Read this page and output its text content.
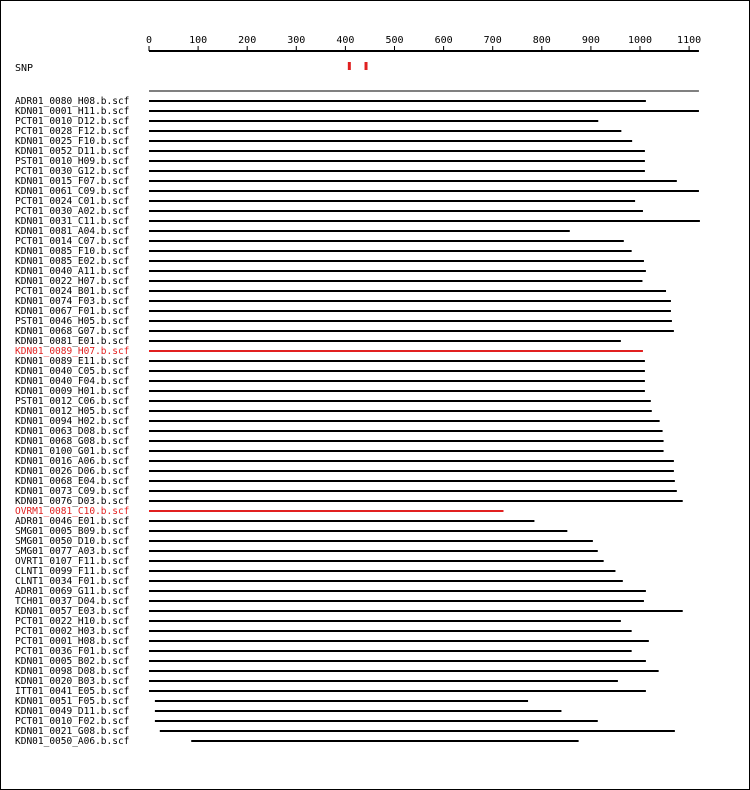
0	100	200	300	400	500	600	700	800	900	1000	1100
SNP
ADR01_0080_H08.b.scf
KDN01_0001_H11.b.scf
PCT01_0010_D12.b.scf
PCT01_0028_F12.b.scf
KDN01_0025_F10.b.scf
KDN01_0052_D11.b.scf
PST01_0010_H09.b.scf
PCT01_0030_G12.b.scf
KDN01_0015_F07.b.scf
KDN01_0061_C09.b.scf
PCT01_0024_C01.b.scf
PCT01_0030_A02.b.scf
KDN01_0031_C11.b.scf
KDN01_0081_A04.b.scf
PCT01_0014_C07.b.scf
KDN01_0085_F10.b.scf
KDN01_0085_E02.b.scf
KDN01_0040_A11.b.scf
KDN01_0022_H07.b.scf
PCT01_0024_B01.b.scf
KDN01_0074_F03.b.scf
KDN01_0067_F01.b.scf
PST01_0046_H05.b.scf
KDN01_0068_G07.b.scf
KDN01_0081_E01.b.scf
KDN01_0089_H07.b.scf
KDN01_0089_E11.b.scf
KDN01_0040_C05.b.scf
KDN01_0040_F04.b.scf
KDN01_0009_H01.b.scf
PST01_0012_C06.b.scf
KDN01_0012_H05.b.scf
KDN01_0094_H02.b.scf
KDN01_0063_D08.b.scf
KDN01_0068_G08.b.scf
KDN01_0100_G01.b.scf
KDN01_0016_A06.b.scf
KDN01_0026_D06.b.scf
KDN01_0068_E04.b.scf
KDN01_0073_C09.b.scf
KDN01_0076_D03.b.scf
OVRM1_0081_C10.b.scf
ADR01_0046_E01.b.scf
SMG01_0005_B09.b.scf
SMG01_0050_D10.b.scf
SMG01_0077_A03.b.scf
OVRT1_0107_F11.b.scf
CLNT1_0099_F11.b.scf
CLNT1_0034_F01.b.scf
ADR01_0069_G11.b.scf
TCH01_0037_D04.b.scf
KDN01_0057_E03.b.scf
PCT01_0022_H10.b.scf
PCT01_0002_H03.b.scf
PCT01_0001_H08.b.scf
PCT01_0036_F01.b.scf
KDN01_0005_B02.b.scf
KDN01_0098_D08.b.scf
KDN01_0020_B03.b.scf
ITT01_0041_E05.b.scf
KDN01_0051_F05.b.scf
KDN01_0049_D11.b.scf
PCT01_0010_F02.b.scf
KDN01_0021_G08.b.scf
KDN01_0050_A06.b.scf
